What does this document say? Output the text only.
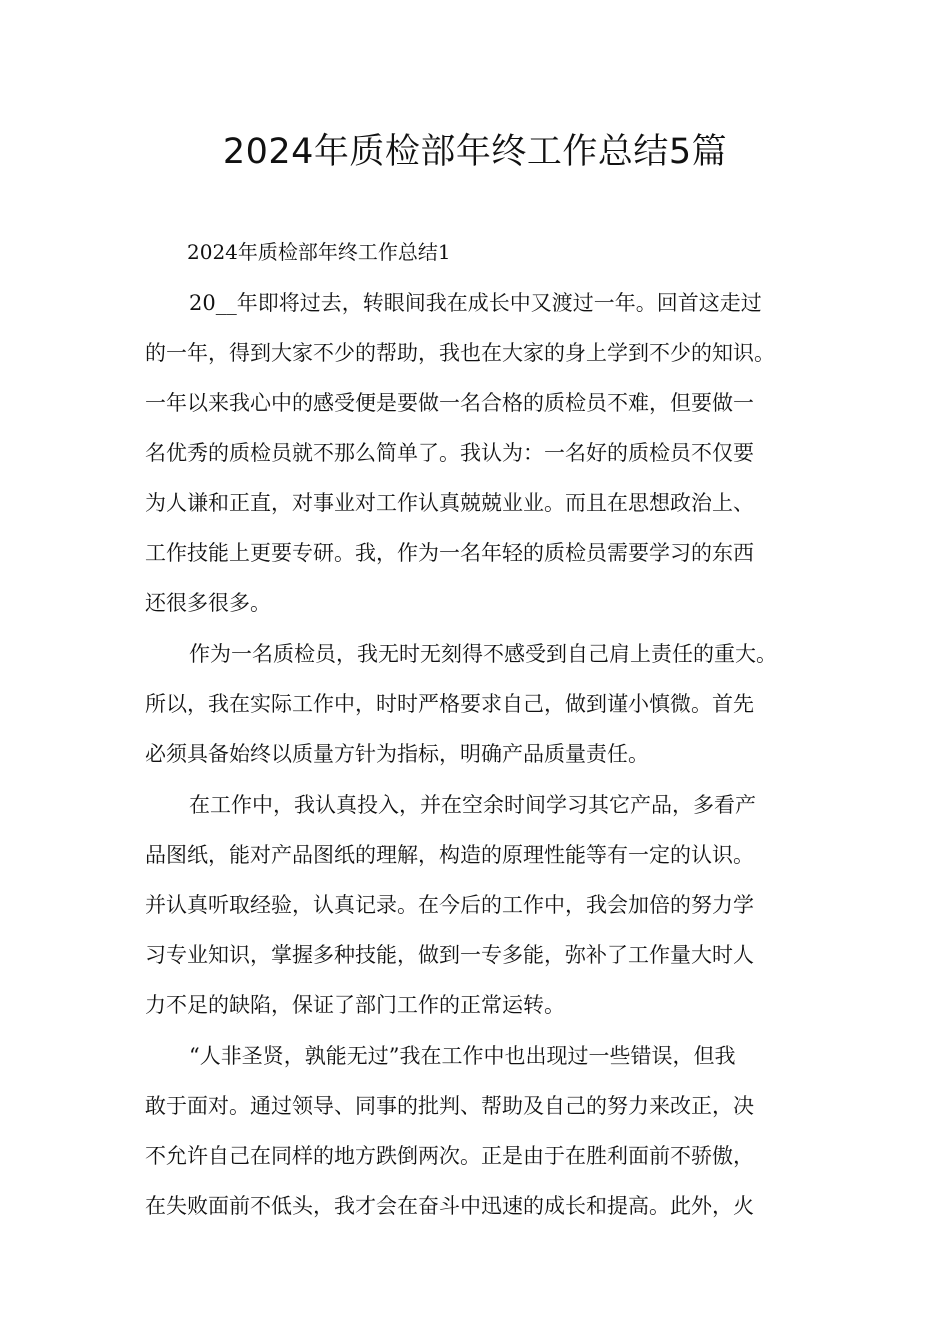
2024年质检部年终工作总结5篇

2024年质检部年终工作总结1

20__年即将过去，转眼间我在成长中又渡过一年。回首这走过
的一年，得到大家不少的帮助，我也在大家的身上学到不少的知识。
一年以来我心中的感受便是要做一名合格的质检员不难，但要做一
名优秀的质检员就不那么简单了。我认为：一名好的质检员不仅要
为人谦和正直，对事业对工作认真兢兢业业。而且在思想政治上、
工作技能上更要专研。我，作为一名年轻的质检员需要学习的东西
还很多很多。

作为一名质检员，我无时无刻得不感受到自己肩上责任的重大。
所以，我在实际工作中，时时严格要求自己，做到谨小慎微。首先
必须具备始终以质量方针为指标，明确产品质量责任。

在工作中，我认真投入，并在空余时间学习其它产品，多看产
品图纸，能对产品图纸的理解，构造的原理性能等有一定的认识。
并认真听取经验，认真记录。在今后的工作中，我会加倍的努力学
习专业知识，掌握多种技能，做到一专多能，弥补了工作量大时人
力不足的缺陷，保证了部门工作的正常运转。

“人非圣贤，孰能无过”我在工作中也出现过一些错误，但我
敢于面对。通过领导、同事的批判、帮助及自己的努力来改正，决
不允许自己在同样的地方跌倒两次。正是由于在胜利面前不骄傲，
在失败面前不低头，我才会在奋斗中迅速的成长和提高。此外，火
